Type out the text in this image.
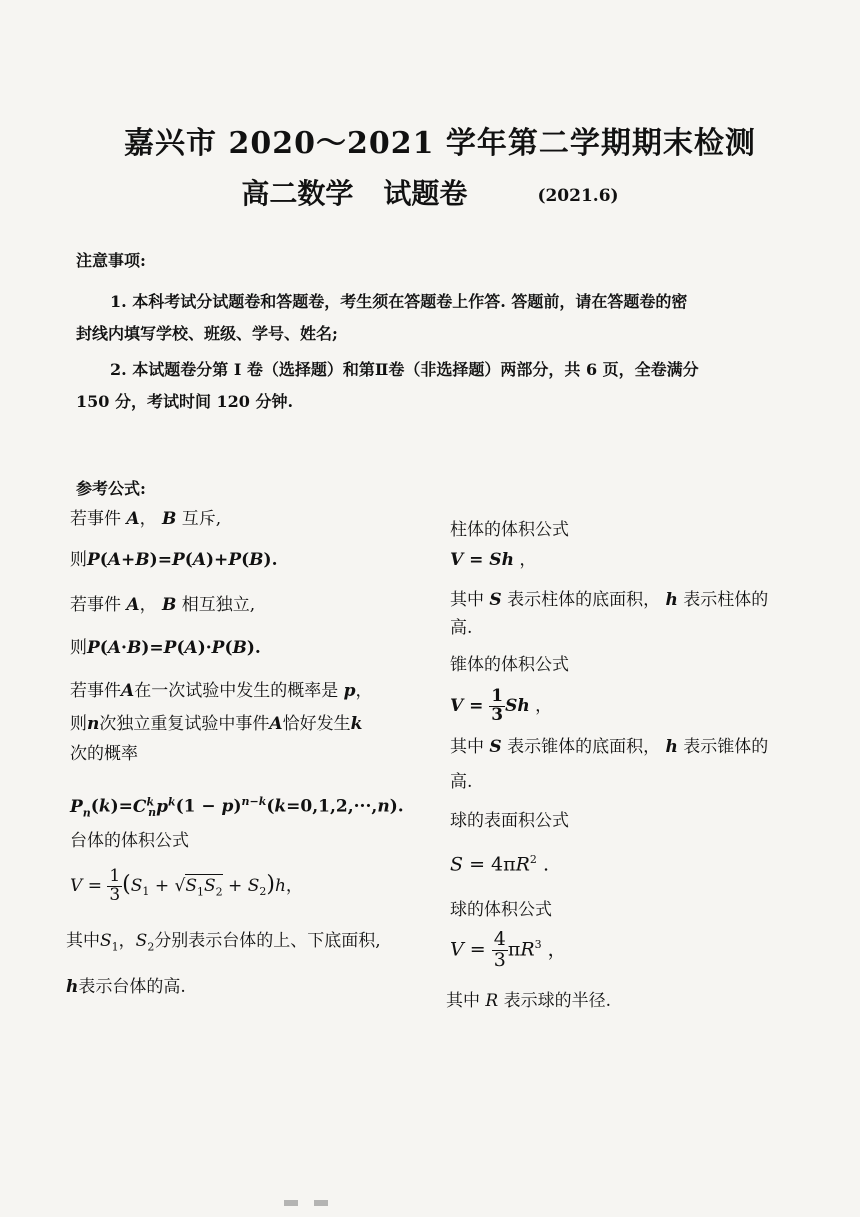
嘉兴市 2020～2021 学年第二学期期末检测
高二数学 试题卷	(2021.6)
注意事项:
1. 本科考试分试题卷和答题卷，考生须在答题卷上作答. 答题前，请在答题卷的密
封线内填写学校、班级、学号、姓名;
2. 本试题卷分第 I 卷（选择题）和第Ⅱ卷（非选择题）两部分，共 6 页，全卷满分
150 分，考试时间 120 分钟.
参考公式:
若事件 A， B 互斥,
则P(A+B)=P(A)+P(B).
若事件 A， B 相互独立,
则P(A·B)=P(A)·P(B).
若事件A在一次试验中发生的概率是 p，
则n次独立重复试验中事件A恰好发生k
次的概率
$P_n(k)=C^k_np^k(1 - p)^{n-k}(k=0,1,2,\cdot\cdot\cdot,n)$.
台体的体积公式
$V = \frac{1}{3} (S_1 + √S_1S_2 + S_2)h$，
其中$S_1$，$S_2$分别表示台体的上、下底面积,
h表示台体的高.
柱体的体积公式
V = Sh ，
其中 S 表示柱体的底面积， h 表示柱体的
高.
锥体的体积公式
$V = \frac{1}{3}$ Sh ，
其中 S 表示锥体的底面积， h 表示锥体的
高.
球的表面积公式
$S = 4\pi R^2$ .
球的体积公式
$V = \frac{4}{3} \pi R^3$ ，
其中 R 表示球的半径.
